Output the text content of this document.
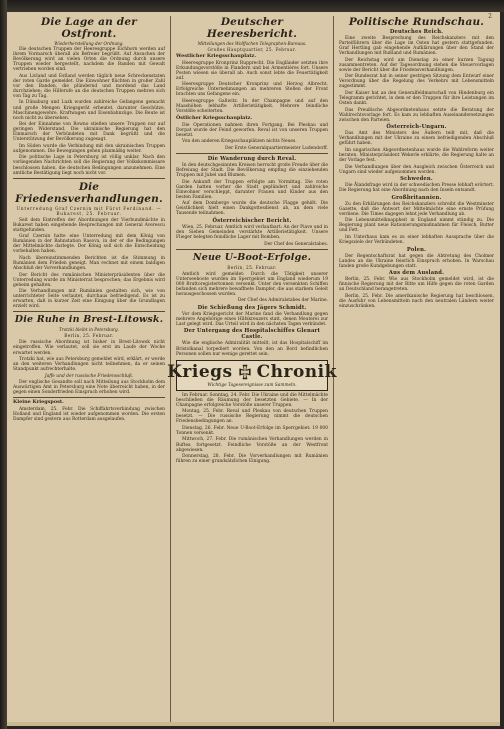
2
Die Lage an der Ostfront.
Wiederherstellung der Ordnung.

Die deutschen Truppen der Heeresgruppe Eichhorn werden auf ihrem Vormarsch überall als Befreier begrüßt. Auf Ansuchen der Bevölkerung wird an vielen Orten die Ordnung durch unsere Truppen wieder hergestellt, nachdem die Banden mit Gewalt vertrieben worden sind.

Aus Livland und Estland werden täglich neue Schreckenstaten der roten Garde gemeldet. Die Einwohner flüchten in großer Zahl vor den Banden, die plündernd und mordend das Land durchziehen; die Hilferufe an die deutschen Truppen mehren sich von Tag zu Tag.

In Dünaburg und Luzk wurden zahlreiche Gefangene gemacht und große Mengen Kriegsgerät erbeutet, darunter Geschütze, Maschinengewehre, Kraftwagen und Eisenbahnzüge. Die Beute ist noch nicht zu übersehen.

Bei der Einnahme von Rowno stießen unsere Truppen nur auf geringen Widerstand. Die ukrainische Regierung hat den Einmarsch der Verbündeten mit Dank begrüßt und die Unterstützung der Bevölkerung zugesagt.

Im Süden wurde die Verbindung mit den ukrainischen Truppen aufgenommen. Die Bewegungen gehen planmäßig weiter.

Die politische Lage in Petersburg ist völlig unklar. Nach den vorliegenden Nachrichten soll die Regierung der Volkskommissare beschlossen haben, die deutschen Bedingungen anzunehmen. Eine amtliche Bestätigung liegt noch nicht vor.

Die Friedensverhandlungen.
Unterredung Graf Czernin mit Fürst Ferdinand. — Bukarest, 25. Februar.

Seit dem Eintreffen der Abordnungen der Vierbundmächte in Bukarest haben eingehende Besprechungen mit General Averescu stattgefunden.

Graf Czernin hatte eine Unterredung mit dem König von Rumänien in der Bahnstation Rasova, in der er die Bedingungen der Mittelmächte darlegte. Der König soll sich die Entscheidung vorbehalten haben.

Nach übereinstimmenden Berichten ist die Stimmung in Rumänien dem Frieden geneigt. Man rechnet mit einem baldigen Abschluß der Vorverhandlungen.

Der Bericht des rumänischen Ministerpräsidenten über die Unterredung wurde im Ministerrat besprochen; das Ergebnis wird geheim gehalten.

Die Verhandlungen mit Rumänien gestalten sich, wie von unterrichteter Seite verlautet, durchaus befriedigend. Es ist zu erwarten, daß in kurzer Zeit eine Einigung über die Grundlagen erzielt wird.

Die Ruhe in Brest-Litowsk.
Trotzki bleibt in Petersburg.
Berlin, 25. Februar.

Die russische Abordnung ist bisher in Brest-Litowsk nicht eingetroffen. Wie verlautet, soll sie erst im Laufe der Woche erwartet werden.

Trotzki hat, wie aus Petersburg gemeldet wird, erklärt, er werde an den weiteren Verhandlungen nicht teilnehmen, da er seinen Standpunkt aufrechterhalte.

Jaffe und der russische Friedensschluß.

Der englische Gesandte soll nach Mitteilung aus Stockholm dem Auswärtigen Amt in Petersburg eine Note überreicht haben, in der gegen einen Sonderfrieden Einspruch erhoben wird.

Kleine Kriegspost.

Amsterdam, 25. Febr. Die Schiffahrtsverbindung zwischen Holland und England ist wieder aufgenommen worden. Die ersten Dampfer sind gestern aus Rotterdam ausgelaufen.

Deutscher Heeresbericht.
Mitteilungen des Wolffschen Telegraphen-Bureaus.
Großes Hauptquartier, 25. Februar.
Westlicher Kriegsschauplatz.

Heeresgruppe Kronprinz Rupprecht. Die Engländer setzten ihre Erkundungsvorstöße in Flandern und bei Armentières fort. Unsere Posten wiesen sie überall ab. Auch sonst lebte die Feuertätigkeit auf.

Heeresgruppe Deutscher Kronprinz und Herzog Albrecht. Erfolgreiche Unternehmungen an mehreren Stellen der Front brachten uns Gefangene ein.

Heeresgruppe Gallwitz. In der Champagne und auf den Maashöhen lebhafte Artillerietätigkeit. Mehrere feindliche Vorstöße scheiterten.

Östlicher Kriegsschauplatz.

Die Operationen nahmen ihren Fortgang. Bei Pleskau und Dorpat wurde der Feind geworfen. Reval ist von unseren Truppen besetzt.

Von den anderen Kriegsschauplätzen nichts Neues.

Der Erste Generalquartiermeister Ludendorff.

Die Wanderung durch Reval.

In den deutschgesinnten Kreisen herrscht große Freude über die Befreiung der Stadt. Die Bevölkerung empfing die einziehenden Truppen mit Jubel und Blumen.

Die Ankunft der Truppen erfolgte am Vormittag. Die roten Garden hatten vorher die Stadt geplündert und zahlreiche Einwohner verschleppt, darunter Frauen und Kinder aus den besten Familien.

Auf dem Domberge wurde die deutsche Flagge gehißt. Die Geistlichkeit hielt einen Dankgottesdienst ab, an dem viele Tausende teilnahmen.

Österreichischer Bericht.

Wien, 25. Februar. Amtlich wird verlautbart: An der Piave und in den Sieben Gemeinden verstärkte Artillerietätigkeit. Unsere Flieger belegten feindliche Lager mit Bomben.

Der Chef des Generalstabes.

Neue U-Boot-Erfolge.
Berlin, 25. Februar.

Amtlich wird gemeldet: Durch die Tätigkeit unserer Unterseeboote wurden im Sperrgebiet um England wiederum 19 000 Bruttoregistertonnen versenkt. Unter den versenkten Schiffen befanden sich mehrere bewaffnete Dampfer, die aus starkem Geleit herausgeschossen wurden.

Der Chef des Admiralstabes der Marine.

Die Schießung des Jägers Schmidt.

Vor dem Kriegsgericht der Marine fand die Verhandlung gegen mehrere Angehörige eines Hilfskreuzers statt, denen Meuterei zur Last gelegt wird. Das Urteil wird in den nächsten Tagen verkündet.

Der Untergang des Hospitalschiffes Glenart Castle.

Wie die englische Admiralität mitteilt, ist das Hospitalschiff im Bristolkanal torpediert worden. Von den an Bord befindlichen Personen sollen nur wenige gerettet sein.

Kriegs Chronik
Wichtige Tagesereignisse zum Sammeln.

Im Februar. Sonntag, 24. Febr. Die Ukraine und die Mittelmächte beschließen die Räumung der besetzten Gebiete. — In der Champagne erfolgreiche Vorstöße unserer Truppen.

Montag, 25. Febr. Reval und Pleskau von deutschen Truppen besetzt. — Die russische Regierung nimmt die deutschen Friedensbedingungen an.

Dienstag, 26. Febr. Neue U-Boot-Erfolge im Sperrgebiet: 19 000 Tonnen versenkt.

Mittwoch, 27. Febr. Die rumänischen Verhandlungen werden in Buftea fortgesetzt. Feindliche Vorstöße an der Westfront abgewiesen.

Donnerstag, 28. Febr. Die Vorverhandlungen mit Rumänien führen zu einer grundsätzlichen Einigung.

Politische Rundschau.
Deutsches Reich.

Eine zweite Besprechung des Reichskanzlers mit den Parteiführern über die Lage im Osten hat gestern stattgefunden. Graf Hertling gab eingehende Aufklärungen über den Stand der Verhandlungen mit Rußland und Rumänien.

Der Reichstag wird am Dienstag zu einer kurzen Tagung zusammentreten. Auf der Tagesordnung stehen die Steuervorlagen sowie der Bericht über die Friedensverhandlungen.

Der Bundesrat hat in seiner gestrigen Sitzung dem Entwurf einer Verordnung über die Regelung des Verkehrs mit Lebensmitteln zugestimmt.

Der Kaiser hat an den Generalfeldmarschall von Hindenburg ein Telegramm gerichtet, in dem er den Truppen für ihre Leistungen im Osten dankt.

Das Preußische Abgeordnetenhaus setzte die Beratung der Wahlrechtsvorlage fort. Es kam zu lebhaften Auseinandersetzungen zwischen den Parteien.

Österreich-Ungarn.

Das Amt des Ministers des Äußern teilt mit, daß die Verhandlungen mit der Ukraine zu einem befriedigenden Abschluß geführt haben.

Im ungarischen Abgeordnetenhaus wurde die Wahlreform weiter beraten. Ministerpräsident Wekerle erklärte, die Regierung halte an der Vorlage fest.

Die Verhandlungen über den Ausgleich zwischen Österreich und Ungarn sind wieder aufgenommen worden.

Schweden.

Die Ålandsfrage wird in der schwedischen Presse lebhaft erörtert. Die Regierung hat eine Abordnung nach den Inseln entsandt.

Großbritannien.

Zu den Erklärungen des Reichskanzlers schreibt die Westminster Gazette, daß die Antwort der Mittelmächte eine ernste Prüfung verdiene. Die Times dagegen lehnt jede Verhandlung ab.

Die Lebensmittelknappheit in England nimmt ständig zu. Die Regierung plant neue Rationierungsmaßnahmen für Fleisch, Butter und Fett.

Im Unterhaus kam es zu einer lebhaften Aussprache über die Kriegsziele der Verbündeten.

Polen.

Der Regentschaftsrat hat gegen die Abtretung des Cholmer Landes an die Ukraine feierlich Einspruch erhoben. In Warschau fanden große Kundgebungen statt.

Aus dem Ausland.

Berlin, 25. Febr. Wie aus Stockholm gemeldet wird, ist die finnische Regierung mit der Bitte um Hilfe gegen die roten Garden an Deutschland herangetreten.

Berlin, 25. Febr. Die amerikanische Regierung hat beschlossen, die Ausfuhr von Lebensmitteln nach den neutralen Ländern weiter einzuschränken.
